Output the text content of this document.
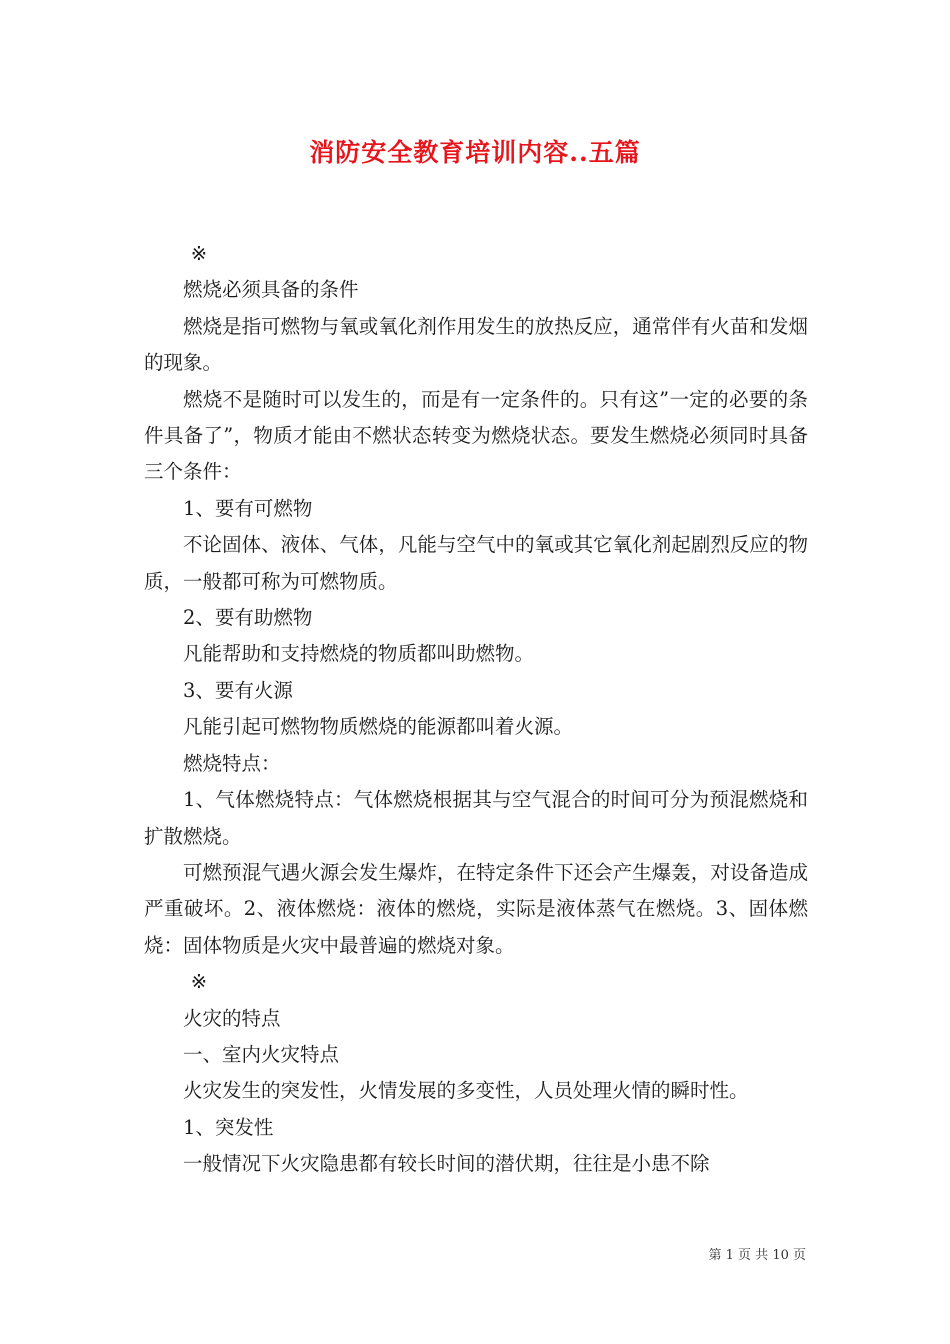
消防安全教育培训内容..五篇

※

燃烧必须具备的条件

燃烧是指可燃物与氧或氧化剂作用发生的放热反应，通常伴有火苗和发烟的现象。

燃烧不是随时可以发生的，而是有一定条件的。只有这”一定的必要的条件具备了”，物质才能由不燃状态转变为燃烧状态。要发生燃烧必须同时具备三个条件：

1、要有可燃物

不论固体、液体、气体，凡能与空气中的氧或其它氧化剂起剧烈反应的物质，一般都可称为可燃物质。

2、要有助燃物

凡能帮助和支持燃烧的物质都叫助燃物。

3、要有火源

凡能引起可燃物物质燃烧的能源都叫着火源。

燃烧特点：

1、气体燃烧特点：气体燃烧根据其与空气混合的时间可分为预混燃烧和扩散燃烧。

可燃预混气遇火源会发生爆炸，在特定条件下还会产生爆轰，对设备造成严重破坏。2、液体燃烧：液体的燃烧，实际是液体蒸气在燃烧。3、固体燃烧：固体物质是火灾中最普遍的燃烧对象。

※

火灾的特点

一、室内火灾特点

火灾发生的突发性，火情发展的多变性，人员处理火情的瞬时性。

1、突发性

一般情况下火灾隐患都有较长时间的潜伏期，往往是小患不除

第 1 页 共 10 页
